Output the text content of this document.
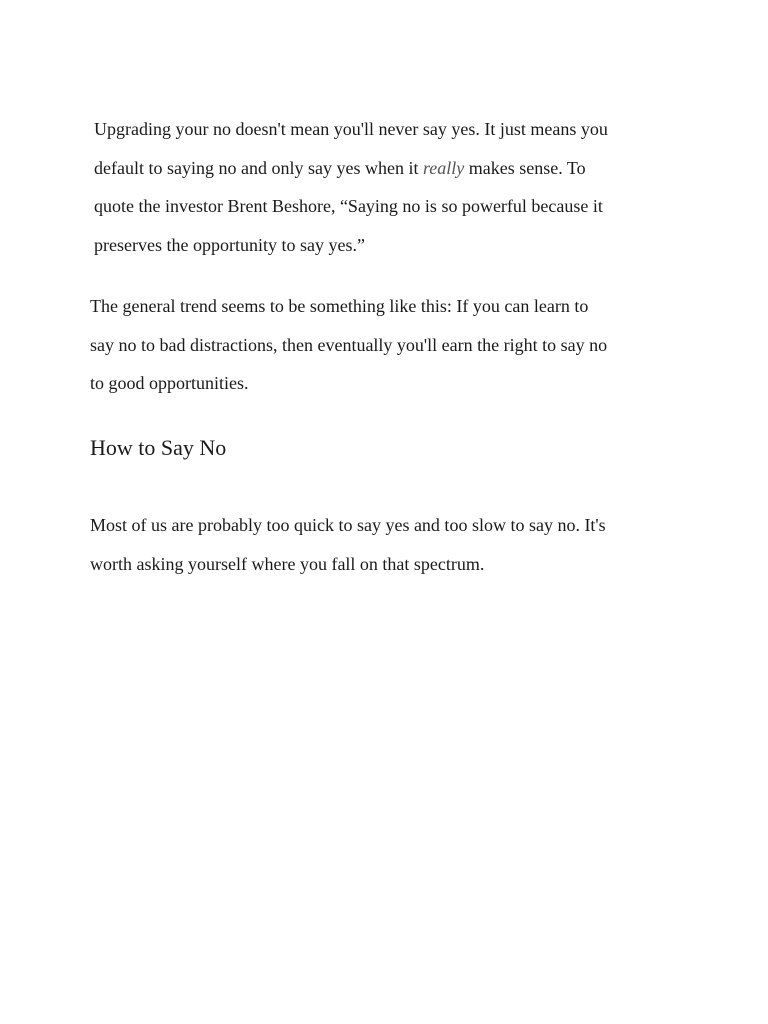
Upgrading your no doesn't mean you'll never say yes. It just means you
default to saying no and only say yes when it really makes sense. To
quote the investor Brent Beshore, “Saying no is so powerful because it
preserves the opportunity to say yes.”

The general trend seems to be something like this: If you can learn to
say no to bad distractions, then eventually you'll earn the right to say no
to good opportunities.

How to Say No

Most of us are probably too quick to say yes and too slow to say no. It's
worth asking yourself where you fall on that spectrum.
